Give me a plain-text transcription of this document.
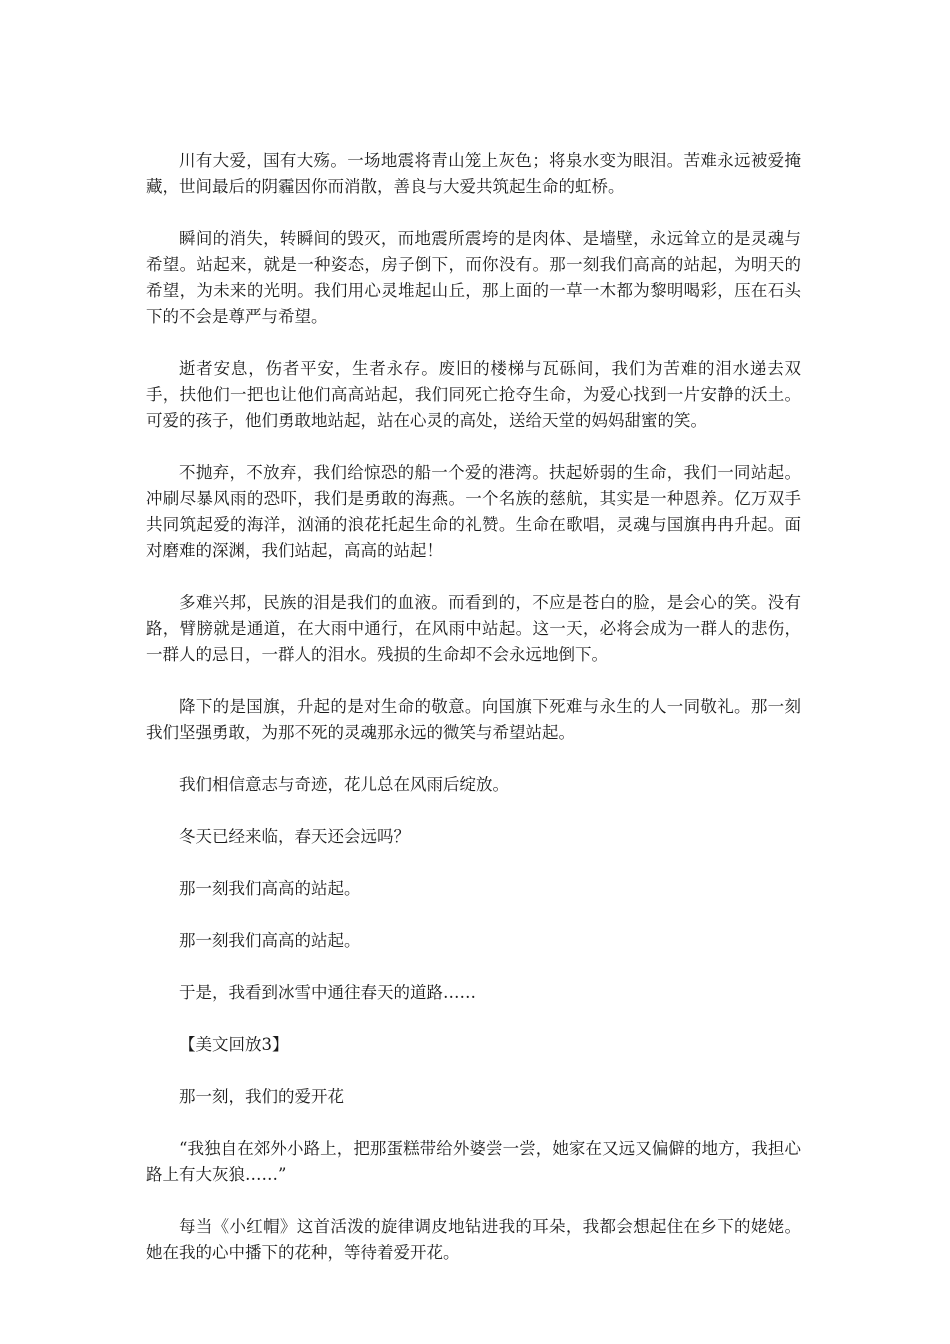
川有大爱，国有大殇。一场地震将青山笼上灰色；将泉水变为眼泪。苦难永远被爱掩藏，世间最后的阴霾因你而消散，善良与大爱共筑起生命的虹桥。

瞬间的消失，转瞬间的毁灭，而地震所震垮的是肉体、是墙壁，永远耸立的是灵魂与希望。站起来，就是一种姿态，房子倒下，而你没有。那一刻我们高高的站起，为明天的希望，为未来的光明。我们用心灵堆起山丘，那上面的一草一木都为黎明喝彩，压在石头下的不会是尊严与希望。

逝者安息，伤者平安，生者永存。废旧的楼梯与瓦砾间，我们为苦难的泪水递去双手，扶他们一把也让他们高高站起，我们同死亡抢夺生命，为爱心找到一片安静的沃土。可爱的孩子，他们勇敢地站起，站在心灵的高处，送给天堂的妈妈甜蜜的笑。

不抛弃，不放弃，我们给惊恐的船一个爱的港湾。扶起娇弱的生命，我们一同站起。冲刷尽暴风雨的恐吓，我们是勇敢的海燕。一个名族的慈航，其实是一种恩养。亿万双手共同筑起爱的海洋，汹涌的浪花托起生命的礼赞。生命在歌唱，灵魂与国旗冉冉升起。面对磨难的深渊，我们站起，高高的站起！

多难兴邦，民族的泪是我们的血液。而看到的，不应是苍白的脸，是会心的笑。没有路，臂膀就是通道，在大雨中通行，在风雨中站起。这一天，必将会成为一群人的悲伤，一群人的忌日，一群人的泪水。残损的生命却不会永远地倒下。

降下的是国旗，升起的是对生命的敬意。向国旗下死难与永生的人一同敬礼。那一刻我们坚强勇敢，为那不死的灵魂那永远的微笑与希望站起。

我们相信意志与奇迹，花儿总在风雨后绽放。

冬天已经来临，春天还会远吗？

那一刻我们高高的站起。

那一刻我们高高的站起。

于是，我看到冰雪中通往春天的道路……

【美文回放3】

那一刻，我们的爱开花

“我独自在郊外小路上，把那蛋糕带给外婆尝一尝，她家在又远又偏僻的地方，我担心路上有大灰狼……”

每当《小红帽》这首活泼的旋律调皮地钻进我的耳朵，我都会想起住在乡下的姥姥。她在我的心中播下的花种，等待着爱开花。
